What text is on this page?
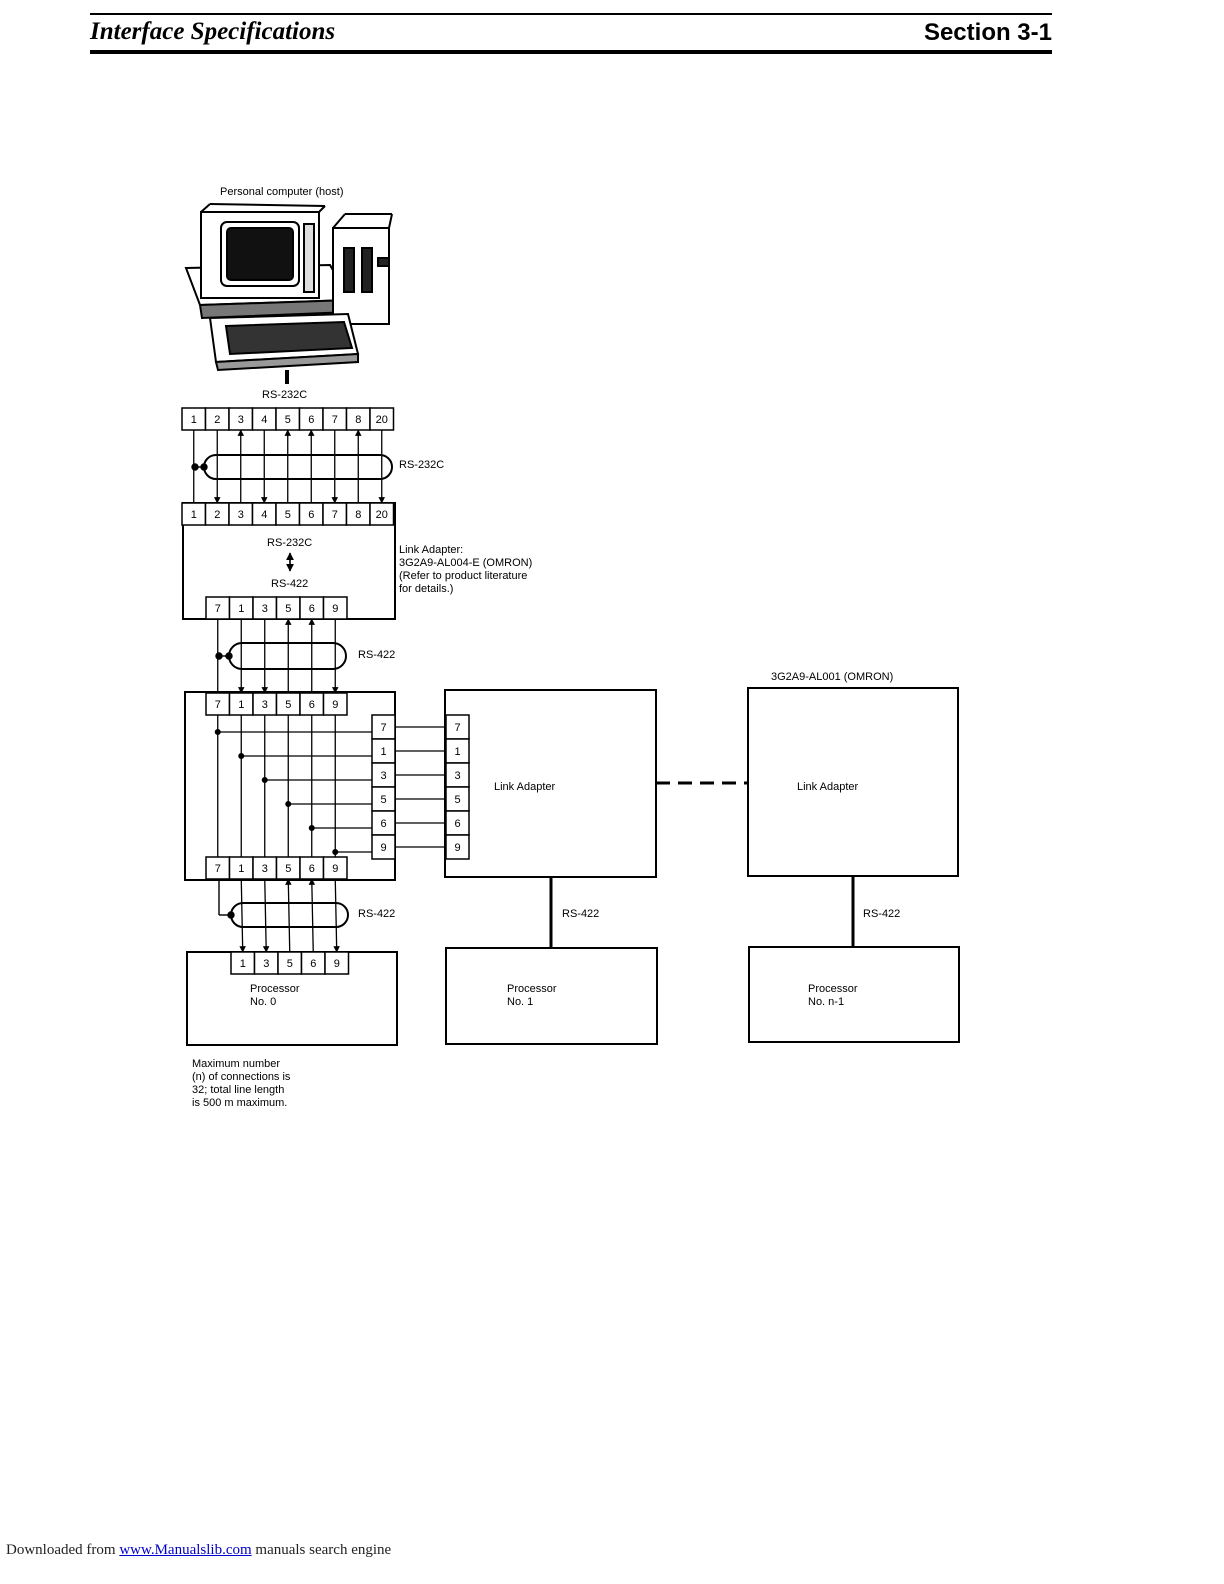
Interface Specifications	Section 3-1
Personal computer (host)
RS-232C
1 2 3 4 5 6 7 8 20
RS-232C
1 2 3 4 5 6 7 8 20
RS-232C
RS-422
7 1 3 5 6 9
Link Adapter: 3G2A9-AL004-E (OMRON) (Refer to product literature for details.)
RS-422
7 1 3 5 6 9
7 1 3 5 6 9
7
1
3
5
6
9
7
1
3
5
6
9
Link Adapter
3G2A9-AL001 (OMRON)
Link Adapter
RS-422	RS-422	RS-422
1 3 5 6 9
Processor No. 0
Processor No. 1
Processor No. n-1
Maximum number (n) of connections is 32; total line length is 500 m maximum.
Downloaded from www.Manualslib.com manuals search engine
